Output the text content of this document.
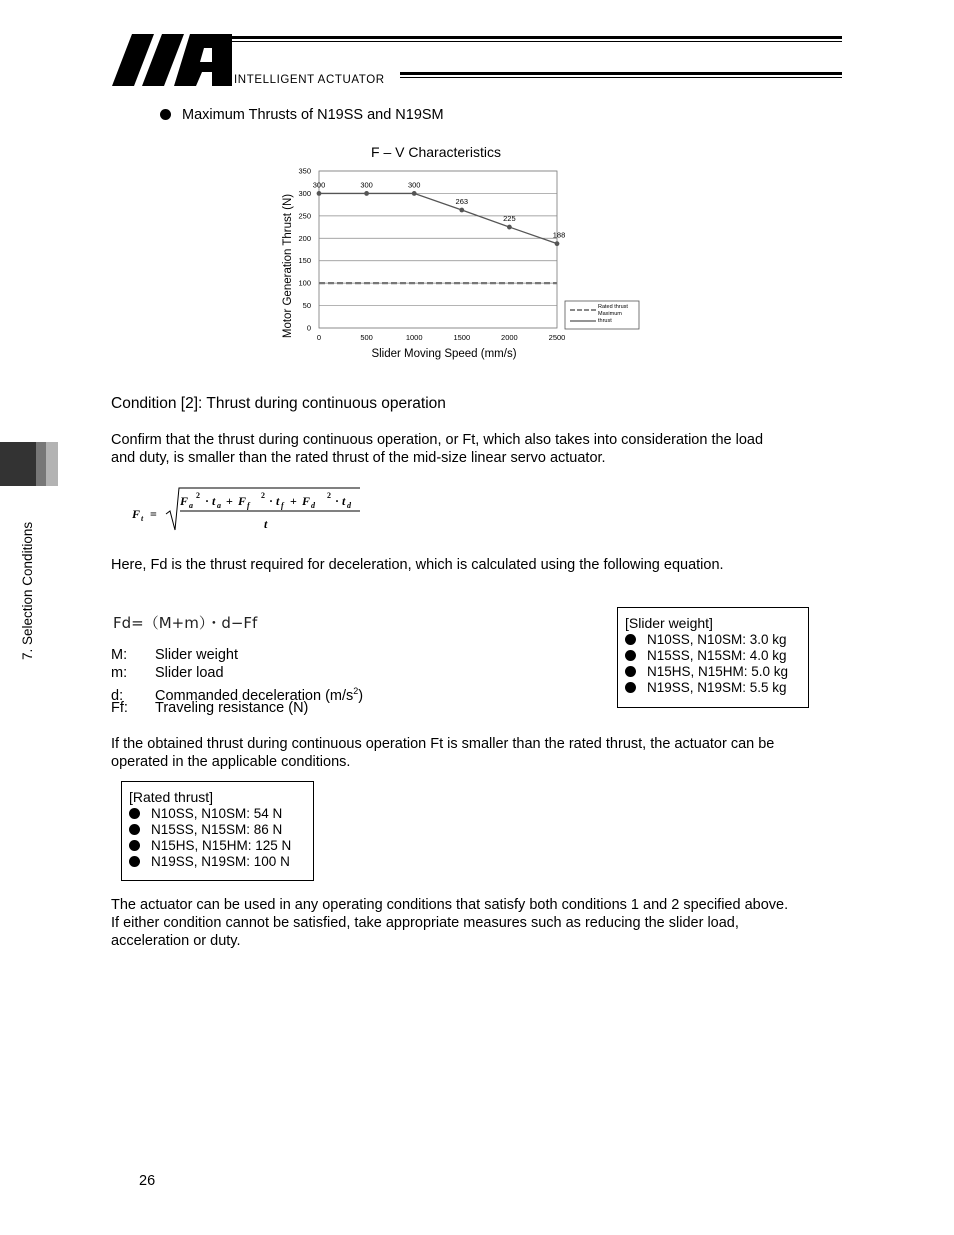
INTELLIGENT ACTUATOR
7. Selection Conditions
Maximum Thrusts of N19SS and N19SM
F – V Characteristics
0
50
100
150
200
250
300
350
0	500	1000	1500	2000	2500
300	300	300
263
225
188
Motor Generation Thrust (N)
Slider Moving Speed (mm/s)
Rated thrust
Maximum thrust
Condition [2]: Thrust during continuous operation
Confirm that the thrust during continuous operation, or Ft, which also takes into consideration the load
and duty, is smaller than the rated thrust of the mid-size linear servo actuator.
F t =
F a
2 · t a + F f
2 · t f + F d
2 · t d
t
Here, Fd is the thrust required for deceleration, which is calculated using the following equation.
Fd=（M+m）・d−Ff
M: Slider weight
m: Slider load
d: Commanded deceleration $(m/s^2)$
Ff: Traveling resistance (N)
[Slider weight]
N10SS, N10SM: 3.0 kg
N15SS, N15SM: 4.0 kg
N15HS, N15HM: 5.0 kg
N19SS, N19SM: 5.5 kg
If the obtained thrust during continuous operation Ft is smaller than the rated thrust, the actuator can be
operated in the applicable conditions.
[Rated thrust]
N10SS, N10SM: 54 N
N15SS, N15SM: 86 N
N15HS, N15HM: 125 N
N19SS, N19SM: 100 N
The actuator can be used in any operating conditions that satisfy both conditions 1 and 2 specified above.
If either condition cannot be satisfied, take appropriate measures such as reducing the slider load,
acceleration or duty.
26
